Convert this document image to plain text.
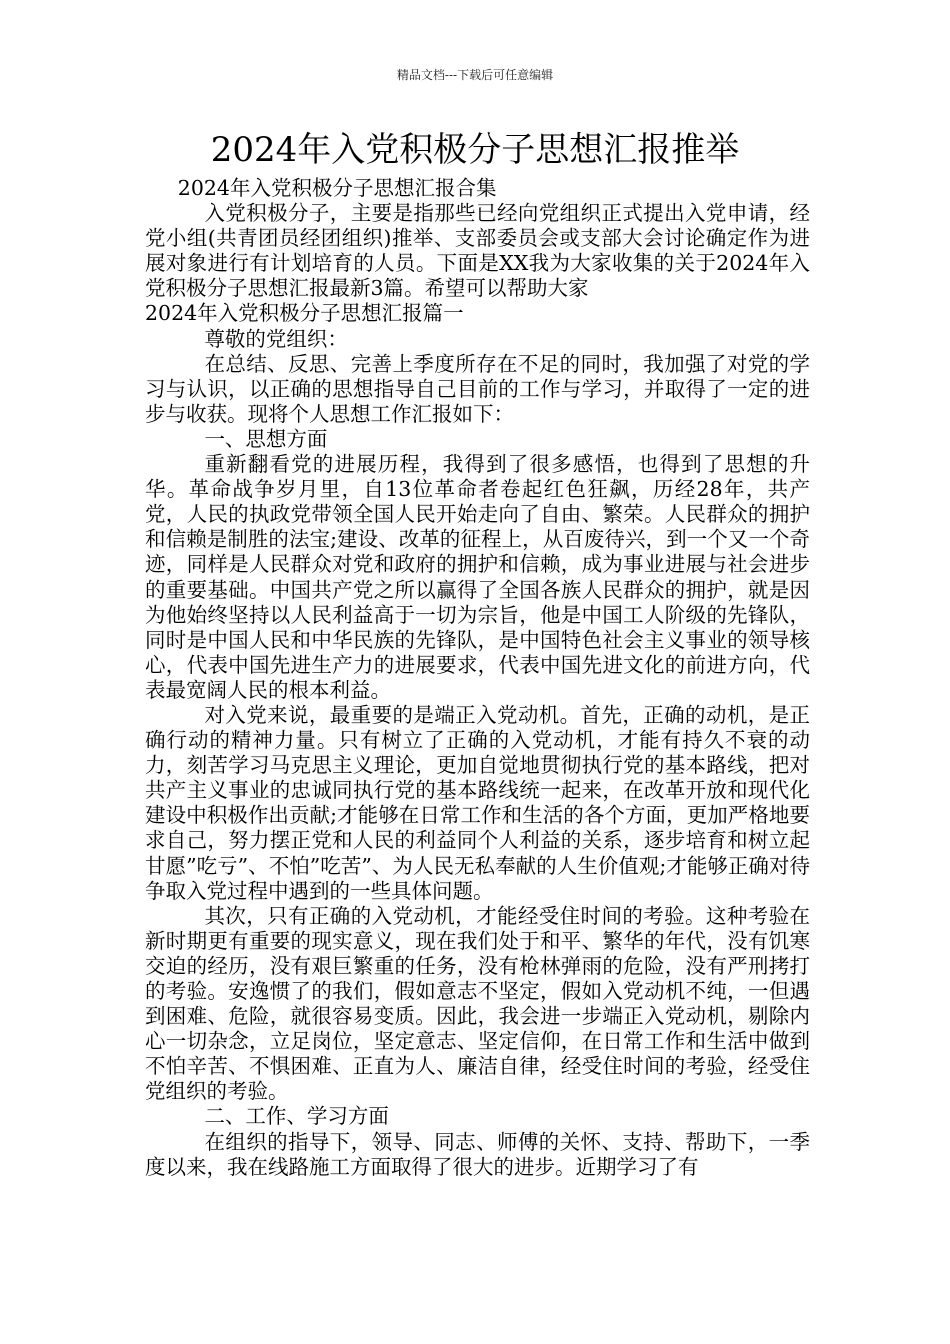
精品文档---下载后可任意编辑
2024年入党积极分子思想汇报推举

2024年入党积极分子思想汇报合集

入党积极分子，主要是指那些已经向党组织正式提出入党申请，经党小组(共青团员经团组织)推举、支部委员会或支部大会讨论确定作为进展对象进行有计划培育的人员。下面是XX我为大家收集的关于2024年入党积极分子思想汇报最新3篇。希望可以帮助大家

2024年入党积极分子思想汇报篇一

尊敬的党组织：

在总结、反思、完善上季度所存在不足的同时，我加强了对党的学习与认识，以正确的思想指导自己目前的工作与学习，并取得了一定的进步与收获。现将个人思想工作汇报如下：

一、思想方面

重新翻看党的进展历程，我得到了很多感悟，也得到了思想的升华。革命战争岁月里，自13位革命者卷起红色狂飙，历经28年，共产党，人民的执政党带领全国人民开始走向了自由、繁荣。人民群众的拥护和信赖是制胜的法宝;建设、改革的征程上，从百废待兴，到一个又一个奇迹，同样是人民群众对党和政府的拥护和信赖，成为事业进展与社会进步的重要基础。中国共产党之所以赢得了全国各族人民群众的拥护，就是因为他始终坚持以人民利益高于一切为宗旨，他是中国工人阶级的先锋队，同时是中国人民和中华民族的先锋队，是中国特色社会主义事业的领导核心，代表中国先进生产力的进展要求，代表中国先进文化的前进方向，代表最宽阔人民的根本利益。

对入党来说，最重要的是端正入党动机。首先，正确的动机，是正确行动的精神力量。只有树立了正确的入党动机，才能有持久不衰的动力，刻苦学习马克思主义理论，更加自觉地贯彻执行党的基本路线，把对共产主义事业的忠诚同执行党的基本路线统一起来，在改革开放和现代化建设中积极作出贡献;才能够在日常工作和生活的各个方面，更加严格地要求自己，努力摆正党和人民的利益同个人利益的关系，逐步培育和树立起甘愿”吃亏”、不怕”吃苦”、为人民无私奉献的人生价值观;才能够正确对待争取入党过程中遇到的一些具体问题。

其次，只有正确的入党动机，才能经受住时间的考验。这种考验在新时期更有重要的现实意义，现在我们处于和平、繁华的年代，没有饥寒交迫的经历，没有艰巨繁重的任务，没有枪林弹雨的危险，没有严刑拷打的考验。安逸惯了的我们，假如意志不坚定，假如入党动机不纯，一但遇到困难、危险，就很容易变质。因此，我会进一步端正入党动机，剔除内心一切杂念，立足岗位，坚定意志、坚定信仰，在日常工作和生活中做到不怕辛苦、不惧困难、正直为人、廉洁自律，经受住时间的考验，经受住党组织的考验。

二、工作、学习方面

在组织的指导下，领导、同志、师傅的关怀、支持、帮助下，一季度以来，我在线路施工方面取得了很大的进步。近期学习了有
